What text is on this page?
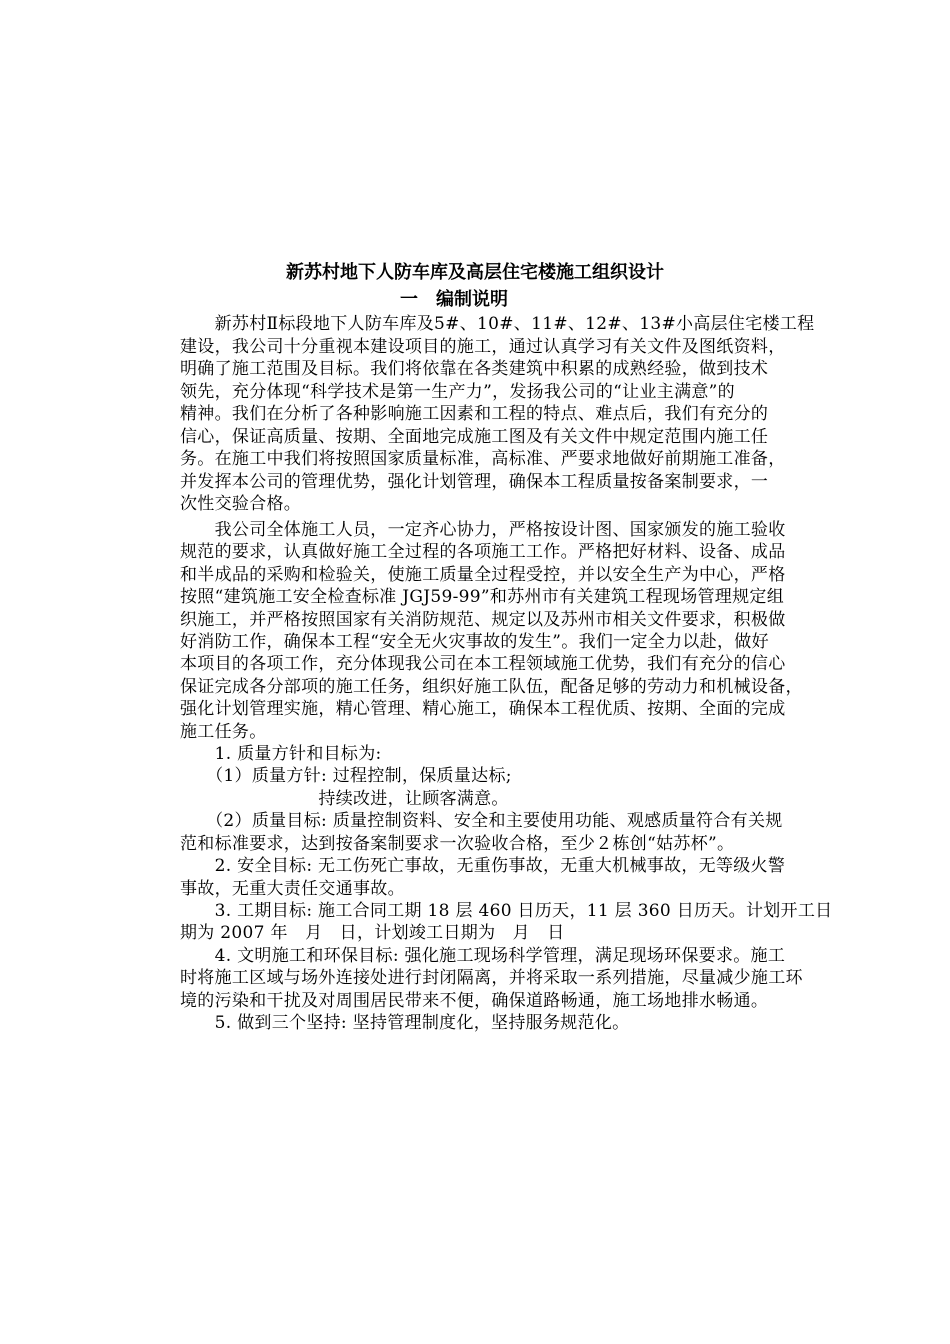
新苏村地下人防车库及高层住宅楼施工组织设计
一　编制说明

　　新苏村Ⅱ标段地下人防车库及5#、10#、11#、12#、13#小高层住宅楼工程

建设，我公司十分重视本建设项目的施工，通过认真学习有关文件及图纸资料，

明确了施工范围及目标。我们将依靠在各类建筑中积累的成熟经验，做到技术

领先，充分体现“科学技术是第一生产力”，发扬我公司的“让业主满意”的

精神。我们在分析了各种影响施工因素和工程的特点、难点后，我们有充分的

信心，保证高质量、按期、全面地完成施工图及有关文件中规定范围内施工任

务。在施工中我们将按照国家质量标准，高标准、严要求地做好前期施工准备，

并发挥本公司的管理优势，强化计划管理，确保本工程质量按备案制要求，一

次性交验合格。

　　我公司全体施工人员，一定齐心协力，严格按设计图、国家颁发的施工验收

规范的要求，认真做好施工全过程的各项施工工作。严格把好材料、设备、成品

和半成品的采购和检验关，使施工质量全过程受控，并以安全生产为中心，严格

按照“建筑施工安全检查标准 JGJ59-99”和苏州市有关建筑工程现场管理规定组

织施工，并严格按照国家有关消防规范、规定以及苏州市相关文件要求，积极做

好消防工作，确保本工程“安全无火灾事故的发生”。我们一定全力以赴，做好

本项目的各项工作，充分体现我公司在本工程领域施工优势，我们有充分的信心

保证完成各分部项的施工任务，组织好施工队伍，配备足够的劳动力和机械设备，

强化计划管理实施，精心管理、精心施工，确保本工程优质、按期、全面的完成

施工任务。

　　1. 质量方针和目标为:

　　（1）质量方针: 过程控制，保质量达标;

　　　　　　　　持续改进，让顾客满意。

　　（2）质量目标: 质量控制资料、安全和主要使用功能、观感质量符合有关规

范和标准要求，达到按备案制要求一次验收合格，至少２栋创“姑苏杯”。

　　2. 安全目标: 无工伤死亡事故，无重伤事故，无重大机械事故，无等级火警

事故，无重大责任交通事故。

　　3. 工期目标: 施工合同工期 18 层 460 日历天，11 层 360 日历天。计划开工日

期为 2007 年　月　日，计划竣工日期为　月　日

　　4. 文明施工和环保目标: 强化施工现场科学管理，满足现场环保要求。施工

时将施工区域与场外连接处进行封闭隔离，并将采取一系列措施，尽量减少施工环

境的污染和干扰及对周围居民带来不便，确保道路畅通，施工场地排水畅通。

　　5. 做到三个坚持: 坚持管理制度化，坚持服务规范化。
